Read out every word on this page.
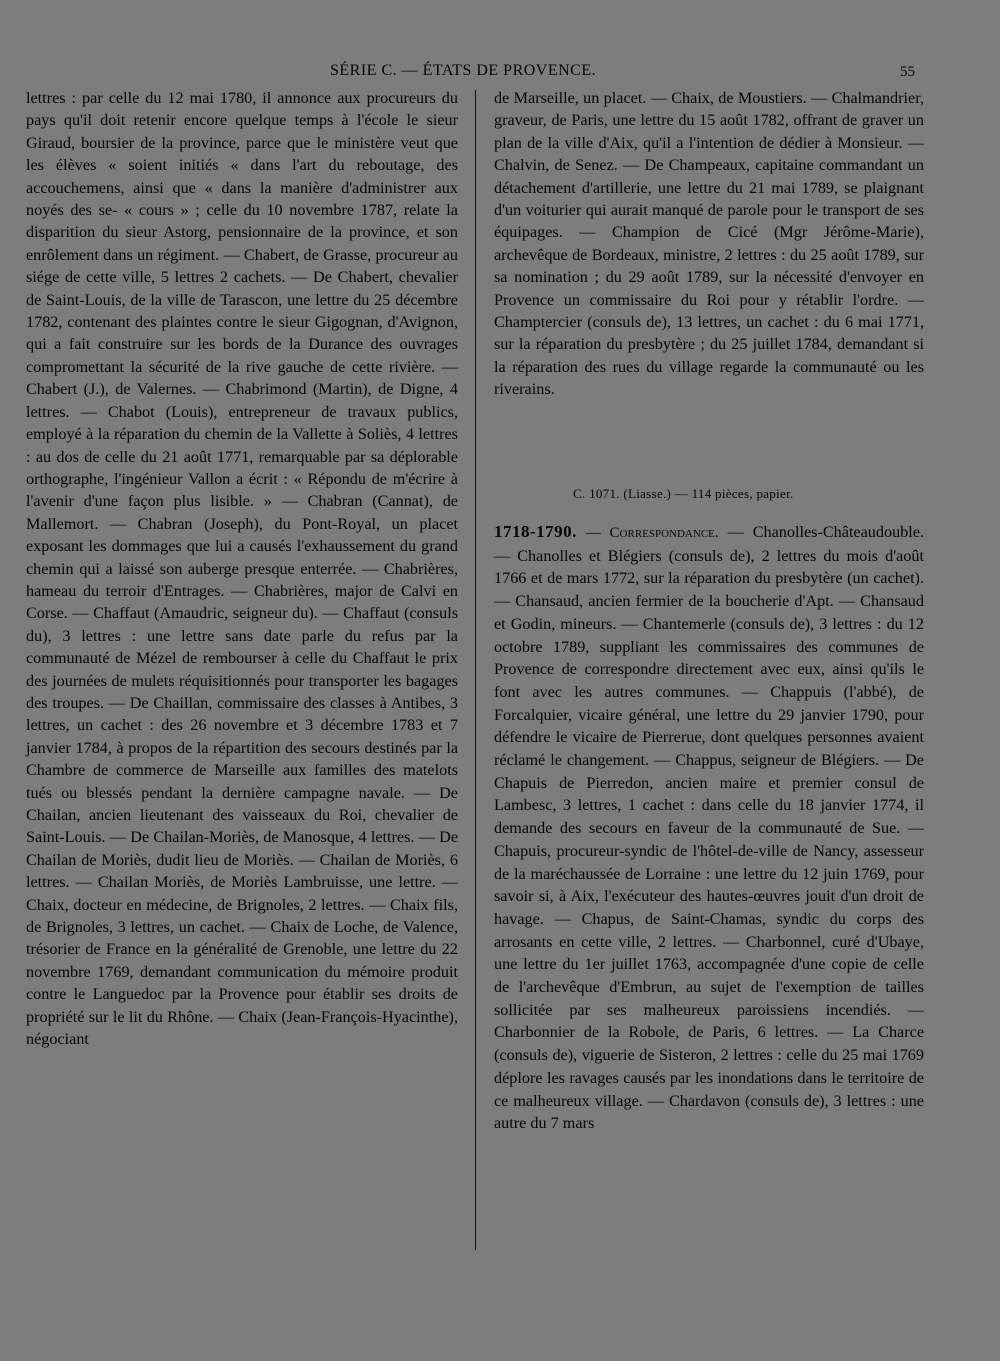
SÉRIE C. — ÉTATS DE PROVENCE.	55

lettres : par celle du 12 mai 1780, il annonce aux procureurs du pays qu'il doit retenir encore quelque temps à l'école le sieur Giraud, boursier de la province, parce que le ministère veut que les élèves « soient initiés « dans l'art du reboutage, des accouchemens, ainsi que « dans la manière d'administrer aux noyés des se- « cours » ; celle du 10 novembre 1787, relate la disparition du sieur Astorg, pensionnaire de la province, et son enrôlement dans un régiment. — Chabert, de Grasse, procureur au siége de cette ville, 5 lettres 2 cachets. — De Chabert, chevalier de Saint-Louis, de la ville de Tarascon, une lettre du 25 décembre 1782, contenant des plaintes contre le sieur Gigognan, d'Avignon, qui a fait construire sur les bords de la Durance des ouvrages compromettant la sécurité de la rive gauche de cette rivière. — Chabert (J.), de Valernes. — Chabrimond (Martin), de Digne, 4 lettres. — Chabot (Louis), entrepreneur de travaux publics, employé à la réparation du chemin de la Vallette à Soliès, 4 lettres : au dos de celle du 21 août 1771, remarquable par sa déplorable orthographe, l'ingénieur Vallon a écrit : « Répondu de m'écrire à l'avenir d'une façon plus lisible. » — Chabran (Cannat), de Mallemort. — Chabran (Joseph), du Pont-Royal, un placet exposant les dommages que lui a causés l'exhaussement du grand chemin qui a laissé son auberge presque enterrée. — Chabrières, hameau du terroir d'Entrages. — Chabrières, major de Calvi en Corse. — Chaffaut (Amaudric, seigneur du). — Chaffaut (consuls du), 3 lettres : une lettre sans date parle du refus par la communauté de Mézel de rembourser à celle du Chaffaut le prix des journées de mulets réquisitionnés pour transporter les bagages des troupes. — De Chaillan, commissaire des classes à Antibes, 3 lettres, un cachet : des 26 novembre et 3 décembre 1783 et 7 janvier 1784, à propos de la répartition des secours destinés par la Chambre de commerce de Marseille aux familles des matelots tués ou blessés pendant la dernière campagne navale. — De Chailan, ancien lieutenant des vaisseaux du Roi, chevalier de Saint-Louis. — De Chailan-Moriès, de Manosque, 4 lettres. — De Chailan de Moriès, dudit lieu de Moriès. — Chailan de Moriès, 6 lettres. — Chailan Moriès, de Moriès Lambruisse, une lettre. — Chaix, docteur en médecine, de Brignoles, 2 lettres. — Chaix fils, de Brignoles, 3 lettres, un cachet. — Chaix de Loche, de Valence, trésorier de France en la généralité de Grenoble, une lettre du 22 novembre 1769, demandant communication du mémoire produit contre le Languedoc par la Provence pour établir ses droits de propriété sur le lit du Rhône. — Chaix (Jean-François-Hyacinthe), négociant

de Marseille, un placet. — Chaix, de Moustiers. — Chalmandrier, graveur, de Paris, une lettre du 15 août 1782, offrant de graver un plan de la ville d'Aix, qu'il a l'intention de dédier à Monsieur. — Chalvin, de Senez. — De Champeaux, capitaine commandant un détachement d'artillerie, une lettre du 21 mai 1789, se plaignant d'un voiturier qui aurait manqué de parole pour le transport de ses équipages. — Champion de Cicé (Mgr Jérôme-Marie), archevêque de Bordeaux, ministre, 2 lettres : du 25 août 1789, sur sa nomination ; du 29 août 1789, sur la nécessité d'envoyer en Provence un commissaire du Roi pour y rétablir l'ordre. — Champtercier (consuls de), 13 lettres, un cachet : du 6 mai 1771, sur la réparation du presbytère ; du 25 juillet 1784, demandant si la réparation des rues du village regarde la communauté ou les riverains.

C. 1071. (Liasse.) — 114 pièces, papier.

1718-1790. — Correspondance. — Chanolles-Châteaudouble. — Chanolles et Blégiers (consuls de), 2 lettres du mois d'août 1766 et de mars 1772, sur la réparation du presbytère (un cachet). — Chansaud, ancien fermier de la boucherie d'Apt. — Chansaud et Godin, mineurs. — Chantemerle (consuls de), 3 lettres : du 12 octobre 1789, suppliant les commissaires des communes de Provence de correspondre directement avec eux, ainsi qu'ils le font avec les autres communes. — Chappuis (l'abbé), de Forcalquier, vicaire général, une lettre du 29 janvier 1790, pour défendre le vicaire de Pierrerue, dont quelques personnes avaient réclamé le changement. — Chappus, seigneur de Blégiers. — De Chapuis de Pierredon, ancien maire et premier consul de Lambesc, 3 lettres, 1 cachet : dans celle du 18 janvier 1774, il demande des secours en faveur de la communauté de Sue. — Chapuis, procureur-syndic de l'hôtel-de-ville de Nancy, assesseur de la maréchaussée de Lorraine : une lettre du 12 juin 1769, pour savoir si, à Aix, l'exécuteur des hautes-œuvres jouit d'un droit de havage. — Chapus, de Saint-Chamas, syndic du corps des arrosants en cette ville, 2 lettres. — Charbonnel, curé d'Ubaye, une lettre du 1er juillet 1763, accompagnée d'une copie de celle de l'archevêque d'Embrun, au sujet de l'exemption de tailles sollicitée par ses malheureux paroissiens incendiés. — Charbonnier de la Robole, de Paris, 6 lettres. — La Charce (consuls de), viguerie de Sisteron, 2 lettres : celle du 25 mai 1769 déplore les ravages causés par les inondations dans le territoire de ce malheureux village. — Chardavon (consuls de), 3 lettres : une autre du 7 mars
